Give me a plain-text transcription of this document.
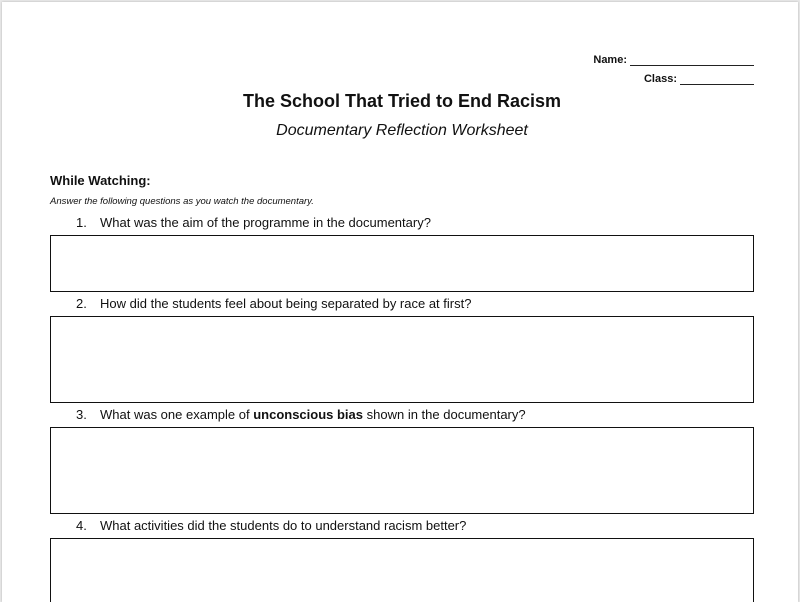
Name:
Class:
The School That Tried to End Racism
Documentary Reflection Worksheet
While Watching:
Answer the following questions as you watch the documentary.
1.	What was the aim of the programme in the documentary?
2.	How did the students feel about being separated by race at first?
3.	What was one example of unconscious bias shown in the documentary?
4.	What activities did the students do to understand racism better?
